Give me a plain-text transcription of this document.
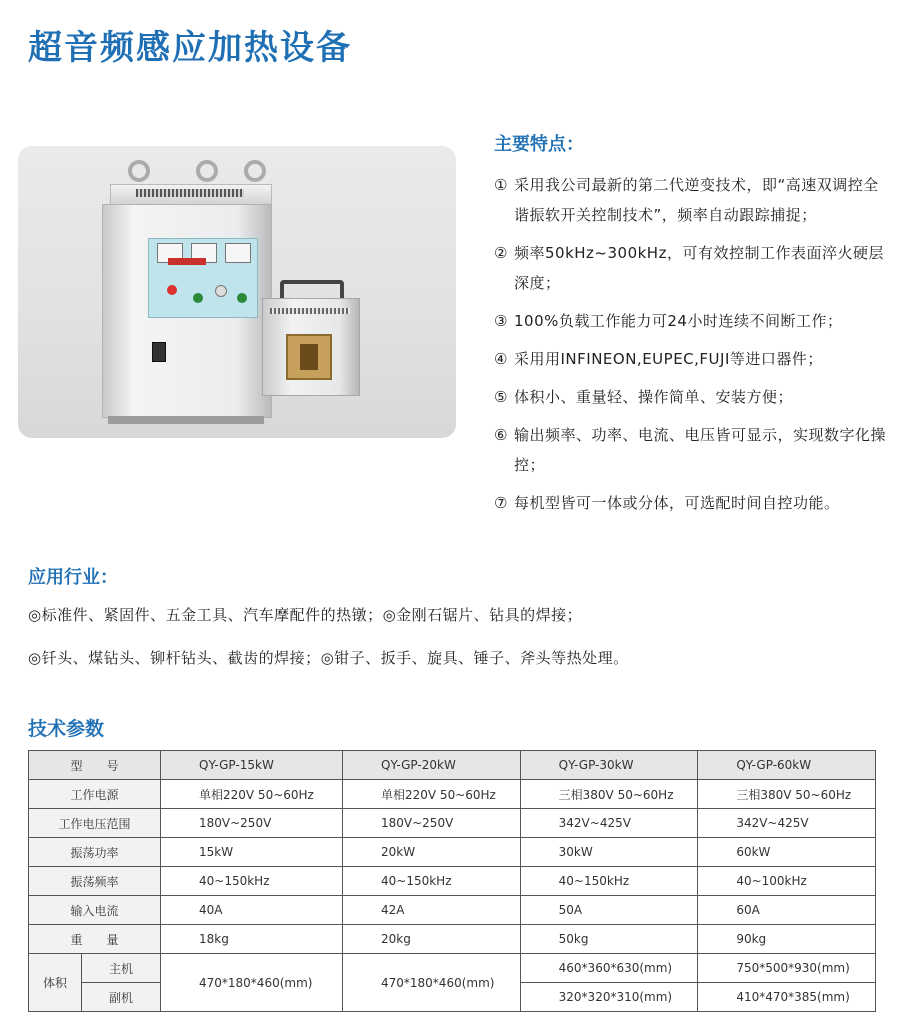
超音频感应加热设备
主要特点：
① 采用我公司最新的第二代逆变技术，即“高速双调控全谐振软开关控制技术”，频率自动跟踪捕捉；
② 频率50kHz~300kHz，可有效控制工作表面淬火硬层深度；
③ 100%负载工作能力可24小时连续不间断工作；
④ 采用用INFINEON,EUPEC,FUJI等进口器件；
⑤ 体积小、重量轻、操作简单、安装方便；
⑥ 输出频率、功率、电流、电压皆可显示，实现数字化操控；
⑦ 每机型皆可一体或分体，可选配时间自控功能。
应用行业：
◎标准件、紧固件、五金工具、汽车摩配件的热镦；◎金刚石锯片、钻具的焊接；
◎钎头、煤钻头、铆杆钻头、截齿的焊接；◎钳子、扳手、旋具、锤子、斧头等热处理。
技术参数
型　　号		QY-GP-15kW	QY-GP-20kW	QY-GP-30kW	QY-GP-60kW
工作电源		单相220V 50~60Hz	单相220V 50~60Hz	三相380V 50~60Hz	三相380V 50~60Hz
工作电压范围		180V~250V	180V~250V	342V~425V	342V~425V
振荡功率		15kW	20kW	30kW	60kW
振荡频率		40~150kHz	40~150kHz	40~150kHz	40~100kHz
输入电流		40A	42A	50A	60A
重　　量		18kg	20kg	50kg	90kg
体积	主机	470*180*460(mm)	470*180*460(mm)	460*360*630(mm)	750*500*930(mm)
	副机			320*320*310(mm)	410*470*385(mm)
